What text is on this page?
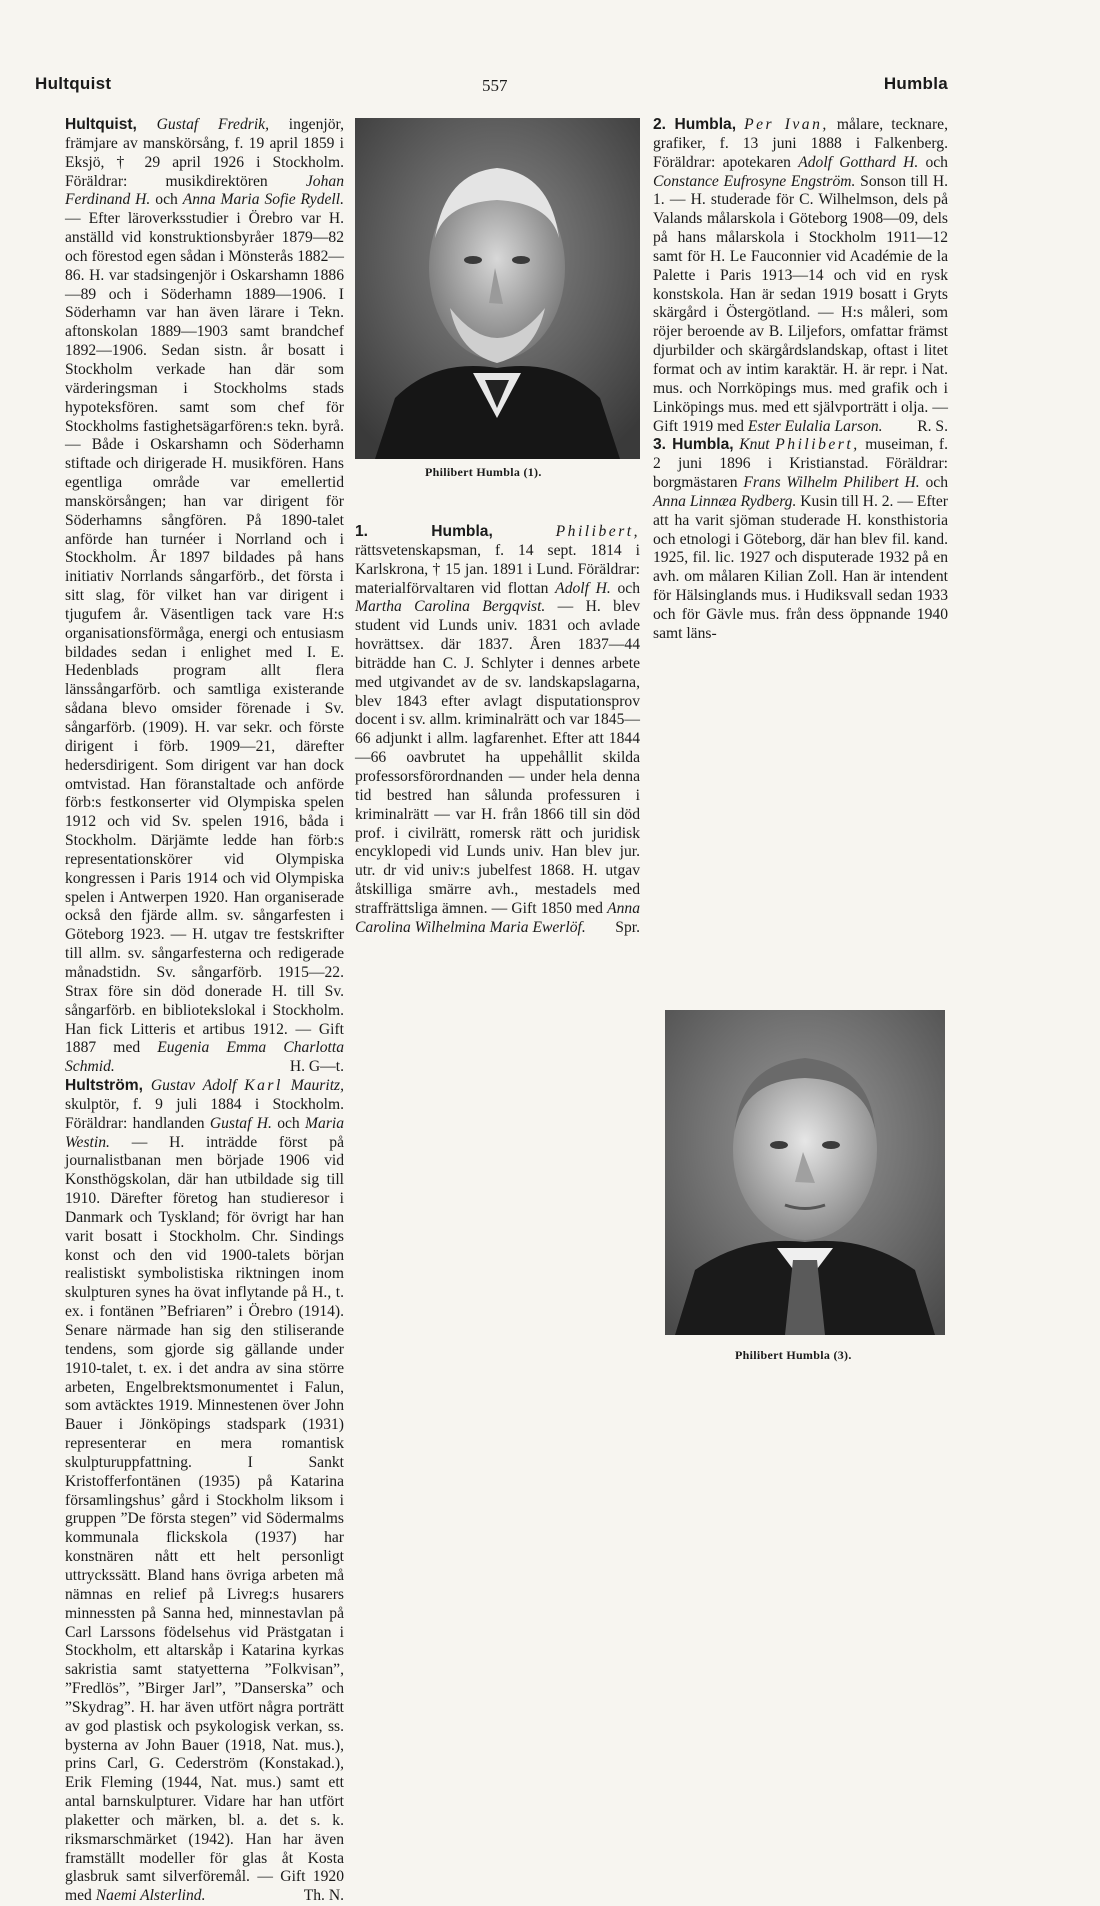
Hultquist	557	Humbla

Hultquist, Gustaf Fredrik, ingenjör, främjare av manskörsång, f. 19 april 1859 i Eksjö, † 29 april 1926 i Stockholm. Föräldrar: musikdirektören Johan Ferdinand H. och Anna Maria Sofie Rydell. — Efter läroverksstudier i Örebro var H. anställd vid konstruktionsbyråer 1879—82 och förestod egen sådan i Mönsterås 1882—86. H. var stadsingenjör i Oskarshamn 1886—89 och i Söderhamn 1889—1906. I Söderhamn var han även lärare i Tekn. aftonskolan 1889—1903 samt brandchef 1892—1906. Sedan sistn. år bosatt i Stockholm verkade han där som värderingsman i Stockholms stads hypoteksfören. samt som chef för Stockholms fastighetsägarfören:s tekn. byrå. — Både i Oskarshamn och Söderhamn stiftade och dirigerade H. musikfören. Hans egentliga område var emellertid manskörsången; han var dirigent för Söderhamns sångfören. På 1890-talet anförde han turnéer i Norrland och i Stockholm. År 1897 bildades på hans initiativ Norrlands sångarförb., det första i sitt slag, för vilket han var dirigent i tjugufem år. Väsentligen tack vare H:s organisationsförmåga, energi och entusiasm bildades sedan i enlighet med I. E. Hedenblads program allt flera länssångarförb. och samtliga existerande sådana blevo omsider förenade i Sv. sångarförb. (1909). H. var sekr. och förste dirigent i förb. 1909—21, därefter hedersdirigent. Som dirigent var han dock omtvistad. Han föranstaltade och anförde förb:s festkonserter vid Olympiska spelen 1912 och vid Sv. spelen 1916, båda i Stockholm. Därjämte ledde han förb:s representationskörer vid Olympiska kongressen i Paris 1914 och vid Olympiska spelen i Antwerpen 1920. Han organiserade också den fjärde allm. sv. sångarfesten i Göteborg 1923. — H. utgav tre festskrifter till allm. sv. sångarfesterna och redigerade månadstidn. Sv. sångarförb. 1915—22. Strax före sin död donerade H. till Sv. sångarförb. en bibliotekslokal i Stockholm. Han fick Litteris et artibus 1912. — Gift 1887 med Eugenia Emma Charlotta Schmid.	H. G—t.

Hultström, Gustav Adolf Karl Mauritz, skulptör, f. 9 juli 1884 i Stockholm. Föräldrar: handlanden Gustaf H. och Maria Westin. — H. inträdde först på journalistbanan men började 1906 vid Konsthögskolan, där han utbildade sig till 1910. Därefter företog han studieresor i Danmark och Tyskland; för övrigt har han varit bosatt i Stockholm. Chr. Sindings konst och den vid 1900-talets början realistiskt symbolistiska riktningen inom skulpturen synes ha övat inflytande på H., t. ex. i fontänen ”Befriaren” i Örebro (1914). Senare närmade han sig den stiliserande tendens, som gjorde sig gällande under 1910-talet, t. ex. i det andra av sina större arbeten, Engelbrektsmonumentet i Falun, som avtäcktes 1919. Minnestenen över John Bauer i Jönköpings stadspark (1931) representerar en mera romantisk skulpturuppfattning. I Sankt Kristofferfontänen (1935) på Katarina församlingshus’ gård i Stockholm liksom i gruppen ”De första stegen” vid Södermalms kommunala flickskola (1937) har konstnären nått ett helt personligt uttryckssätt. Bland hans övriga arbeten må nämnas en relief på Livreg:s husarers minnessten på Sanna hed, minnestavlan på Carl Larssons födelsehus vid Prästgatan i Stockholm, ett altarskåp i Katarina kyrkas sakristia samt statyetterna ”Folkvisan”, ”Fredlös”, ”Birger Jarl”, ”Danserska” och ”Skydrag”. H. har även utfört några porträtt av god plastisk och psykologisk verkan, ss. bysterna av John Bauer (1918, Nat. mus.), prins Carl, G. Cederström (Konstakad.), Erik Fleming (1944, Nat. mus.) samt ett antal barnskulpturer. Vidare har han utfört plaketter och märken, bl. a. det s. k. riksmarschmärket (1942). Han har även framställt modeller för glas åt Kosta glasbruk samt silverföremål. — Gift 1920 med Naemi Alsterlind.	Th. N.

Philibert Humbla (1).

1. Humbla,	Philibert, rättsvetenskapsman, f. 14 sept. 1814 i Karlskrona, † 15 jan. 1891 i Lund. Föräldrar: materialförvaltaren vid flottan Adolf H. och Martha Carolina Bergqvist. — H. blev student vid Lunds univ. 1831 och avlade hovrättsex. där 1837. Åren 1837—44 biträdde han C. J. Schlyter i dennes arbete med utgivandet av de sv. landskapslagarna, blev 1843 efter avlagt disputationsprov docent i sv. allm. kriminalrätt och var 1845—66 adjunkt i allm. lagfarenhet. Efter att 1844—66 oavbrutet ha uppehållit skilda professorsförordnanden — under hela denna tid bestred han sålunda professuren i kriminalrätt — var H. från 1866 till sin död prof. i civilrätt, romersk rätt och juridisk encyklopedi vid Lunds univ. Han blev jur. utr. dr vid univ:s jubelfest 1868. H. utgav åtskilliga smärre avh., mestadels med straffrättsliga ämnen. — Gift 1850 med Anna Carolina Wilhelmina Maria Ewerlöf. Spr.

2. Humbla, Per Ivan, målare, tecknare, grafiker, f. 13 juni 1888 i Falkenberg. Föräldrar: apotekaren Adolf Gotthard H. och Constance Eufrosyne Engström. Sonson till H. 1. — H. studerade för C. Wilhelmson, dels på Valands målarskola i Göteborg 1908—09, dels på hans målarskola i Stockholm 1911—12 samt för H. Le Fauconnier vid Académie de la Palette i Paris 1913—14 och vid en rysk konstskola. Han är sedan 1919 bosatt i Gryts skärgård i Östergötland. — H:s måleri, som röjer beroende av B. Liljefors, omfattar främst djurbilder och skärgårdslandskap, oftast i litet format och av intim karaktär. H. är repr. i Nat. mus. och Norrköpings mus. med grafik och i Linköpings mus. med ett självporträtt i olja. — Gift 1919 med Ester Eulalia Larson. R. S.

3. Humbla, Knut Philibert, museiman, f. 2 juni 1896 i Kristianstad. Föräldrar: borgmästaren Frans Wilhelm Philibert H. och Anna Linnæa Rydberg. Kusin till H. 2. — Efter att ha varit sjöman studerade H. konsthistoria och etnologi i Göteborg, där han blev fil. kand. 1925, fil. lic. 1927 och disputerade 1932 på en avh. om målaren Kilian Zoll. Han är intendent för Hälsinglands mus. i Hudiksvall sedan 1933 och för Gävle mus. från dess öppnande 1940 samt läns-

Philibert Humbla (3).
